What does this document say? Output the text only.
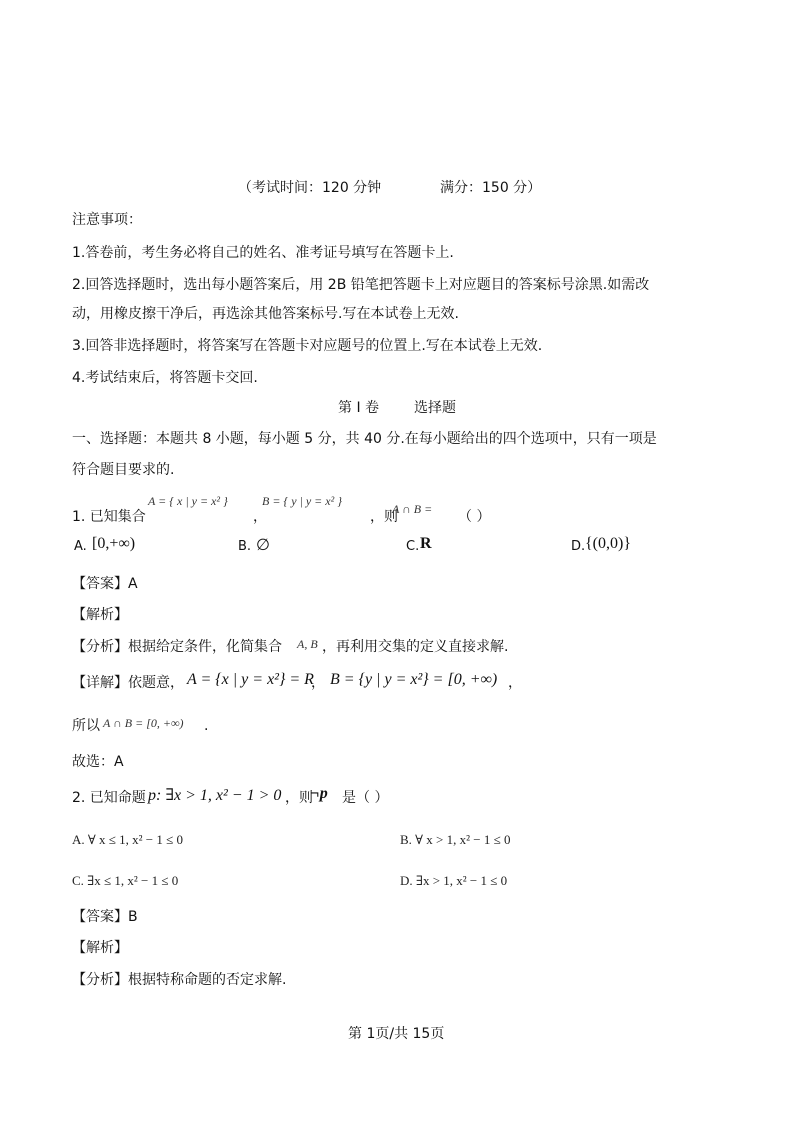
（考试时间：120 分钟	满分：150 分）
注意事项：
1.答卷前，考生务必将自己的姓名、准考证号填写在答题卡上.
2.回答选择题时，选出每小题答案后，用 2B 铅笔把答题卡上对应题目的答案标号涂黑.如需改
动，用橡皮擦干净后，再选涂其他答案标号.写在本试卷上无效.
3.回答非选择题时，将答案写在答题卡对应题号的位置上.写在本试卷上无效.
4.考试结束后，将答题卡交回.
第 I 卷 选择题
一、选择题：本题共 8 小题，每小题 5 分，共 40 分.在每小题给出的四个选项中，只有一项是
符合题目要求的.
1. 已知集合
A = { x | y = x² }
，
B = { y | y = x² }
，则
A ∩ B = （ ）
A. [0,+∞)	B. ∅	C. R	D. {(0,0)}
【答案】A
【解析】
【分析】根据给定条件，化简集合 A, B ，再利用交集的定义直接求解.
【详解】依题意， A = {x | y = x²} = R
， B = {y | y = x²} = [0, +∞) ，
所以 A ∩ B = [0, +∞) .
故选：A
2. 已知命题 p: ∃x > 1, x² − 1 > 0 ，则
¬p 是（ ）
A. ∀ x ≤ 1, x² − 1 ≤ 0	B. ∀ x > 1, x² − 1 ≤ 0
C. ∃x ≤ 1, x² − 1 ≤ 0	D. ∃x > 1, x² − 1 ≤ 0
【答案】B
【解析】
【分析】根据特称命题的否定求解.
第 1页/共 15页
